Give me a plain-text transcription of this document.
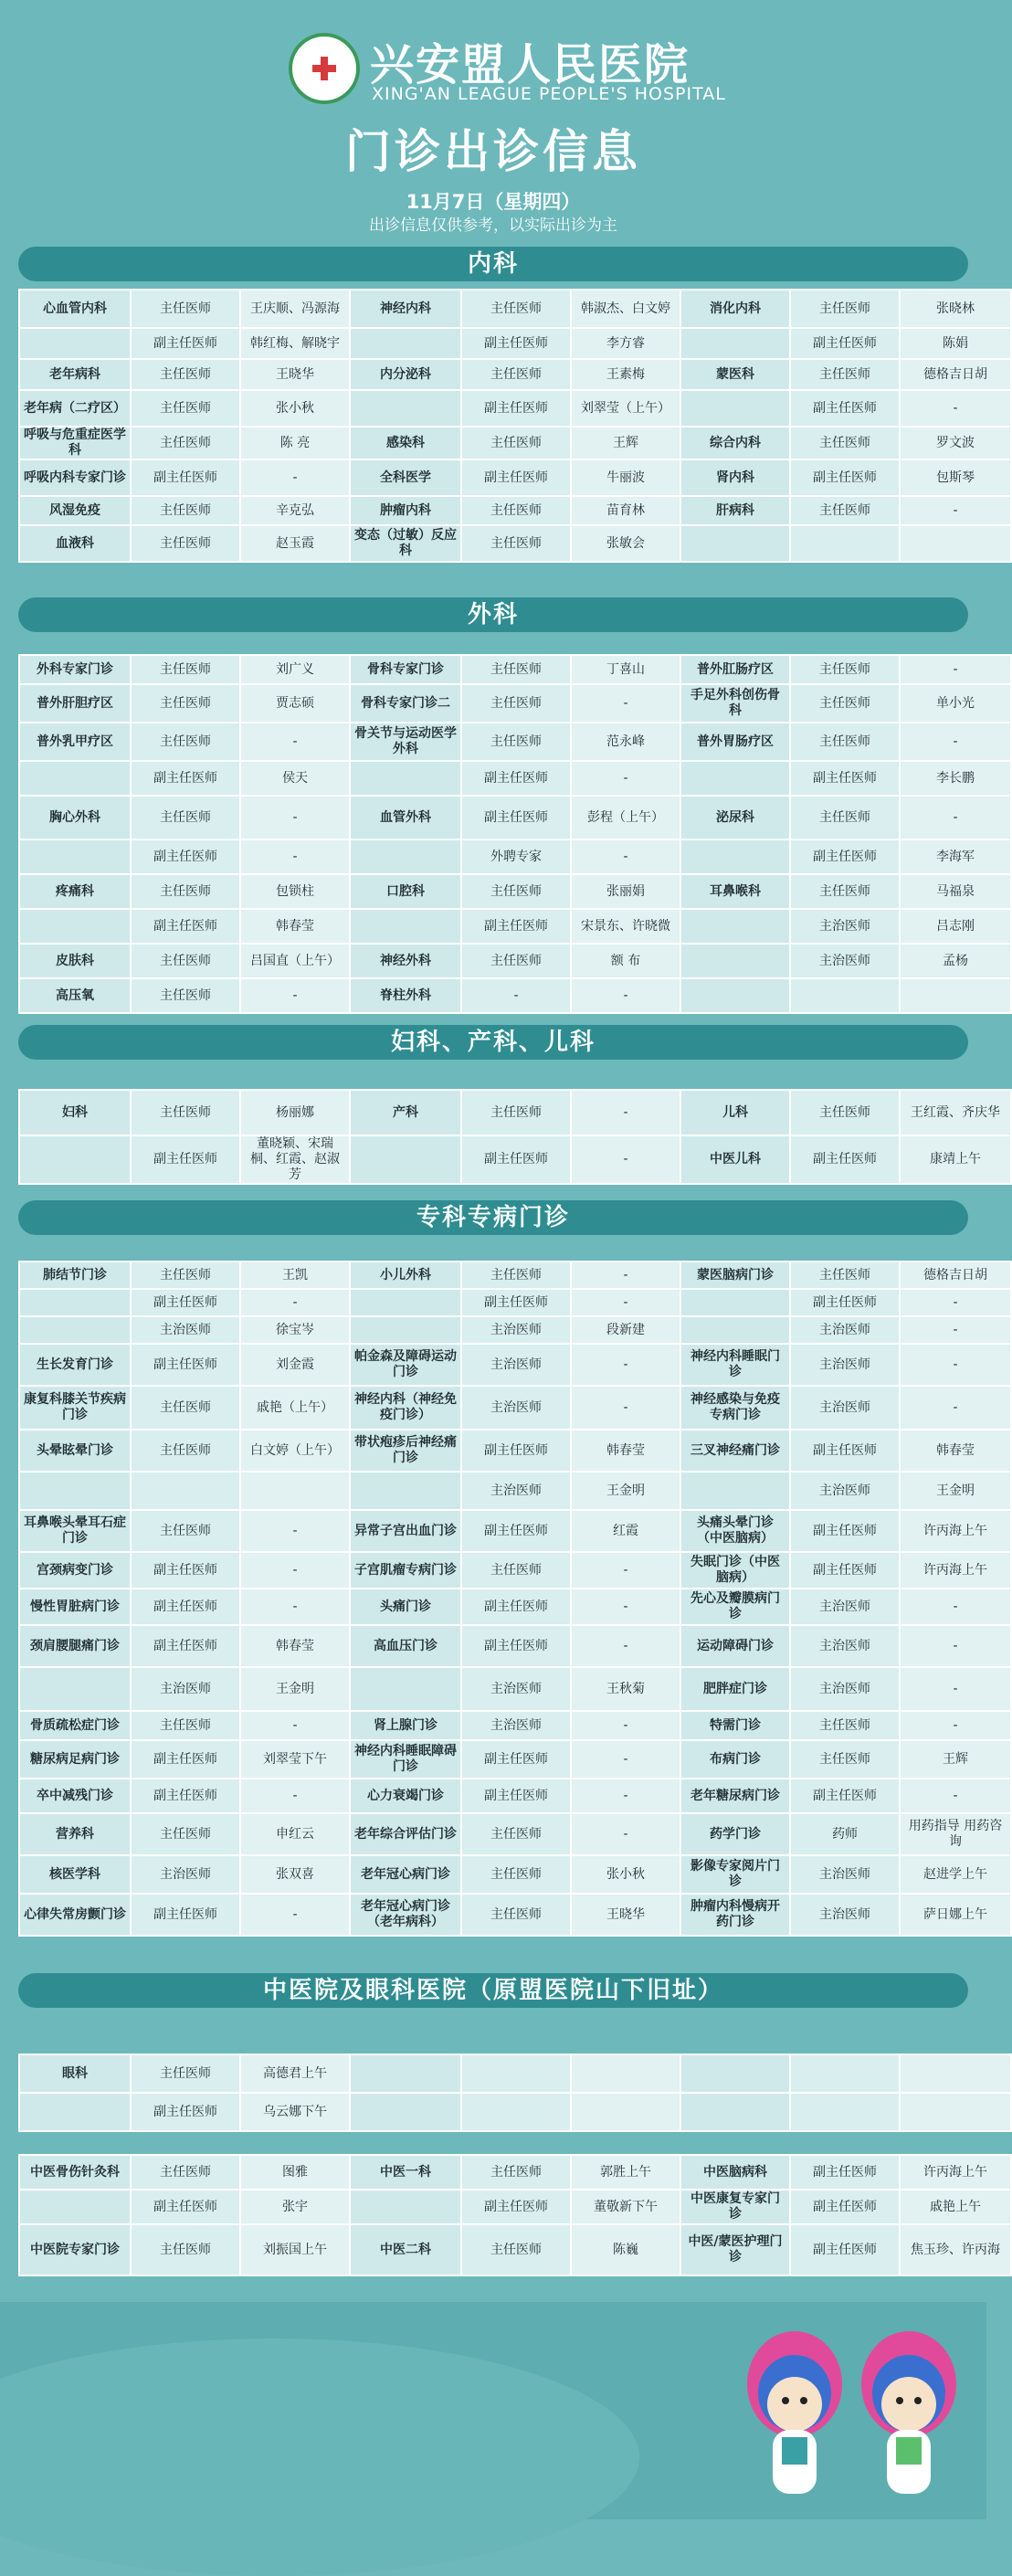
兴安盟人民医院
XING'AN LEAGUE PEOPLE'S HOSPITAL
门诊出诊信息
11月7日（星期四）
出诊信息仅供参考，以实际出诊为主
内科
心血管内科	主任医师	王庆顺、冯源海	神经内科	主任医师	韩淑杰、白文婷	消化内科	主任医师	张晓林
	副主任医师	韩红梅、解晓宇		副主任医师	李方睿		副主任医师	陈娟
老年病科	主任医师	王晓华	内分泌科	主任医师	王素梅	蒙医科	主任医师	德格吉日胡
老年病（二疗区）	主任医师	张小秋		副主任医师	刘翠莹（上午）		副主任医师	-
呼吸与危重症医学科	主任医师	陈 亮	感染科	主任医师	王辉	综合内科	主任医师	罗文波
呼吸内科专家门诊	副主任医师	-	全科医学	副主任医师	牛丽波	肾内科	副主任医师	包斯琴
风湿免疫	主任医师	辛克弘	肿瘤内科	主任医师	苗育林	肝病科	主任医师	-
血液科	主任医师	赵玉霞	变态（过敏）反应科	主任医师	张敏会			
外科
外科专家门诊	主任医师	刘广义	骨科专家门诊	主任医师	丁喜山	普外肛肠疗区	主任医师	-
普外肝胆疗区	主任医师	贾志硕	骨科专家门诊二	主任医师	-	手足外科创伤骨科	主任医师	单小光
普外乳甲疗区	主任医师	-	骨关节与运动医学外科	主任医师	范永峰	普外胃肠疗区	主任医师	-
	副主任医师	侯天		副主任医师	-		副主任医师	李长鹏
胸心外科	主任医师	-	血管外科	副主任医师	彭程（上午）	泌尿科	主任医师	-
	副主任医师	-		外聘专家	-		副主任医师	李海军
疼痛科	主任医师	包锁柱	口腔科	主任医师	张丽娟	耳鼻喉科	主任医师	马福泉
	副主任医师	韩春莹		副主任医师	宋景东、许晓微		主治医师	吕志刚
皮肤科	主任医师	吕国直（上午）	神经外科	主任医师	额 布		主治医师	孟杨
高压氧	主任医师	-	脊柱外科	-	-			
妇科、产科、儿科
妇科	主任医师	杨丽娜	产科	主任医师	-	儿科	主任医师	王红霞、齐庆华
	副主任医师	董晓颖、宋瑞桐、红霞、赵淑芳		副主任医师	-	中医儿科	副主任医师	康靖上午
专科专病门诊
肺结节门诊	主任医师	王凯	小儿外科	主任医师	-	蒙医脑病门诊	主任医师	德格吉日胡
	副主任医师	-		副主任医师	-		副主任医师	-
	主治医师	徐宝岑		主治医师	段新建		主治医师	-
生长发育门诊	副主任医师	刘金霞	帕金森及障碍运动门诊	主治医师	-	神经内科睡眠门诊	主治医师	-
康复科膝关节疾病门诊	主任医师	戚艳（上午）	神经内科（神经免疫门诊）	主治医师	-	神经感染与免疫专病门诊	主治医师	-
头晕眩晕门诊	主任医师	白文婷（上午）	带状疱疹后神经痛门诊	副主任医师	韩春莹	三叉神经痛门诊	副主任医师	韩春莹
				主治医师	王金明		主治医师	王金明
耳鼻喉头晕耳石症门诊	主任医师	-	异常子宫出血门诊	副主任医师	红霞	头痛头晕门诊（中医脑病）	副主任医师	许丙海上午
宫颈病变门诊	副主任医师	-	子宫肌瘤专病门诊	主任医师	-	失眠门诊（中医脑病）	副主任医师	许丙海上午
慢性胃脏病门诊	副主任医师	-	头痛门诊	副主任医师	-	先心及瓣膜病门诊	主治医师	-
颈肩腰腿痛门诊	副主任医师	韩春莹	高血压门诊	副主任医师	-	运动障碍门诊	主治医师	-
	主治医师	王金明		主治医师	王秋菊	肥胖症门诊	主治医师	-
骨质疏松症门诊	主任医师	-	肾上腺门诊	主治医师	-	特需门诊	主任医师	-
糖尿病足病门诊	副主任医师	刘翠莹下午	神经内科睡眠障碍门诊	副主任医师	-	布病门诊	主任医师	王辉
卒中减残门诊	副主任医师	-	心力衰竭门诊	副主任医师	-	老年糖尿病门诊	副主任医师	-
营养科	主任医师	申红云	老年综合评估门诊	主任医师	-	药学门诊	药师	用药指导 用药咨询
核医学科	主治医师	张双喜	老年冠心病门诊	主任医师	张小秋	影像专家阅片门诊	主治医师	赵进学上午
心律失常房颤门诊	副主任医师	-	老年冠心病门诊（老年病科）	主任医师	王晓华	肿瘤内科慢病开药门诊	主治医师	萨日娜上午
中医院及眼科医院（原盟医院山下旧址）
眼科	主任医师	高德君上午						
	副主任医师	乌云娜下午						
中医骨伤针灸科	主任医师	图雅	中医一科	主任医师	郭胜上午	中医脑病科	副主任医师	许丙海上午
	副主任医师	张宇		副主任医师	董敬新下午	中医康复专家门诊	副主任医师	戚艳上午
中医院专家门诊	主任医师	刘振国上午	中医二科	主任医师	陈巍	中医/蒙医护理门诊	副主任医师	焦玉珍、许丙海
